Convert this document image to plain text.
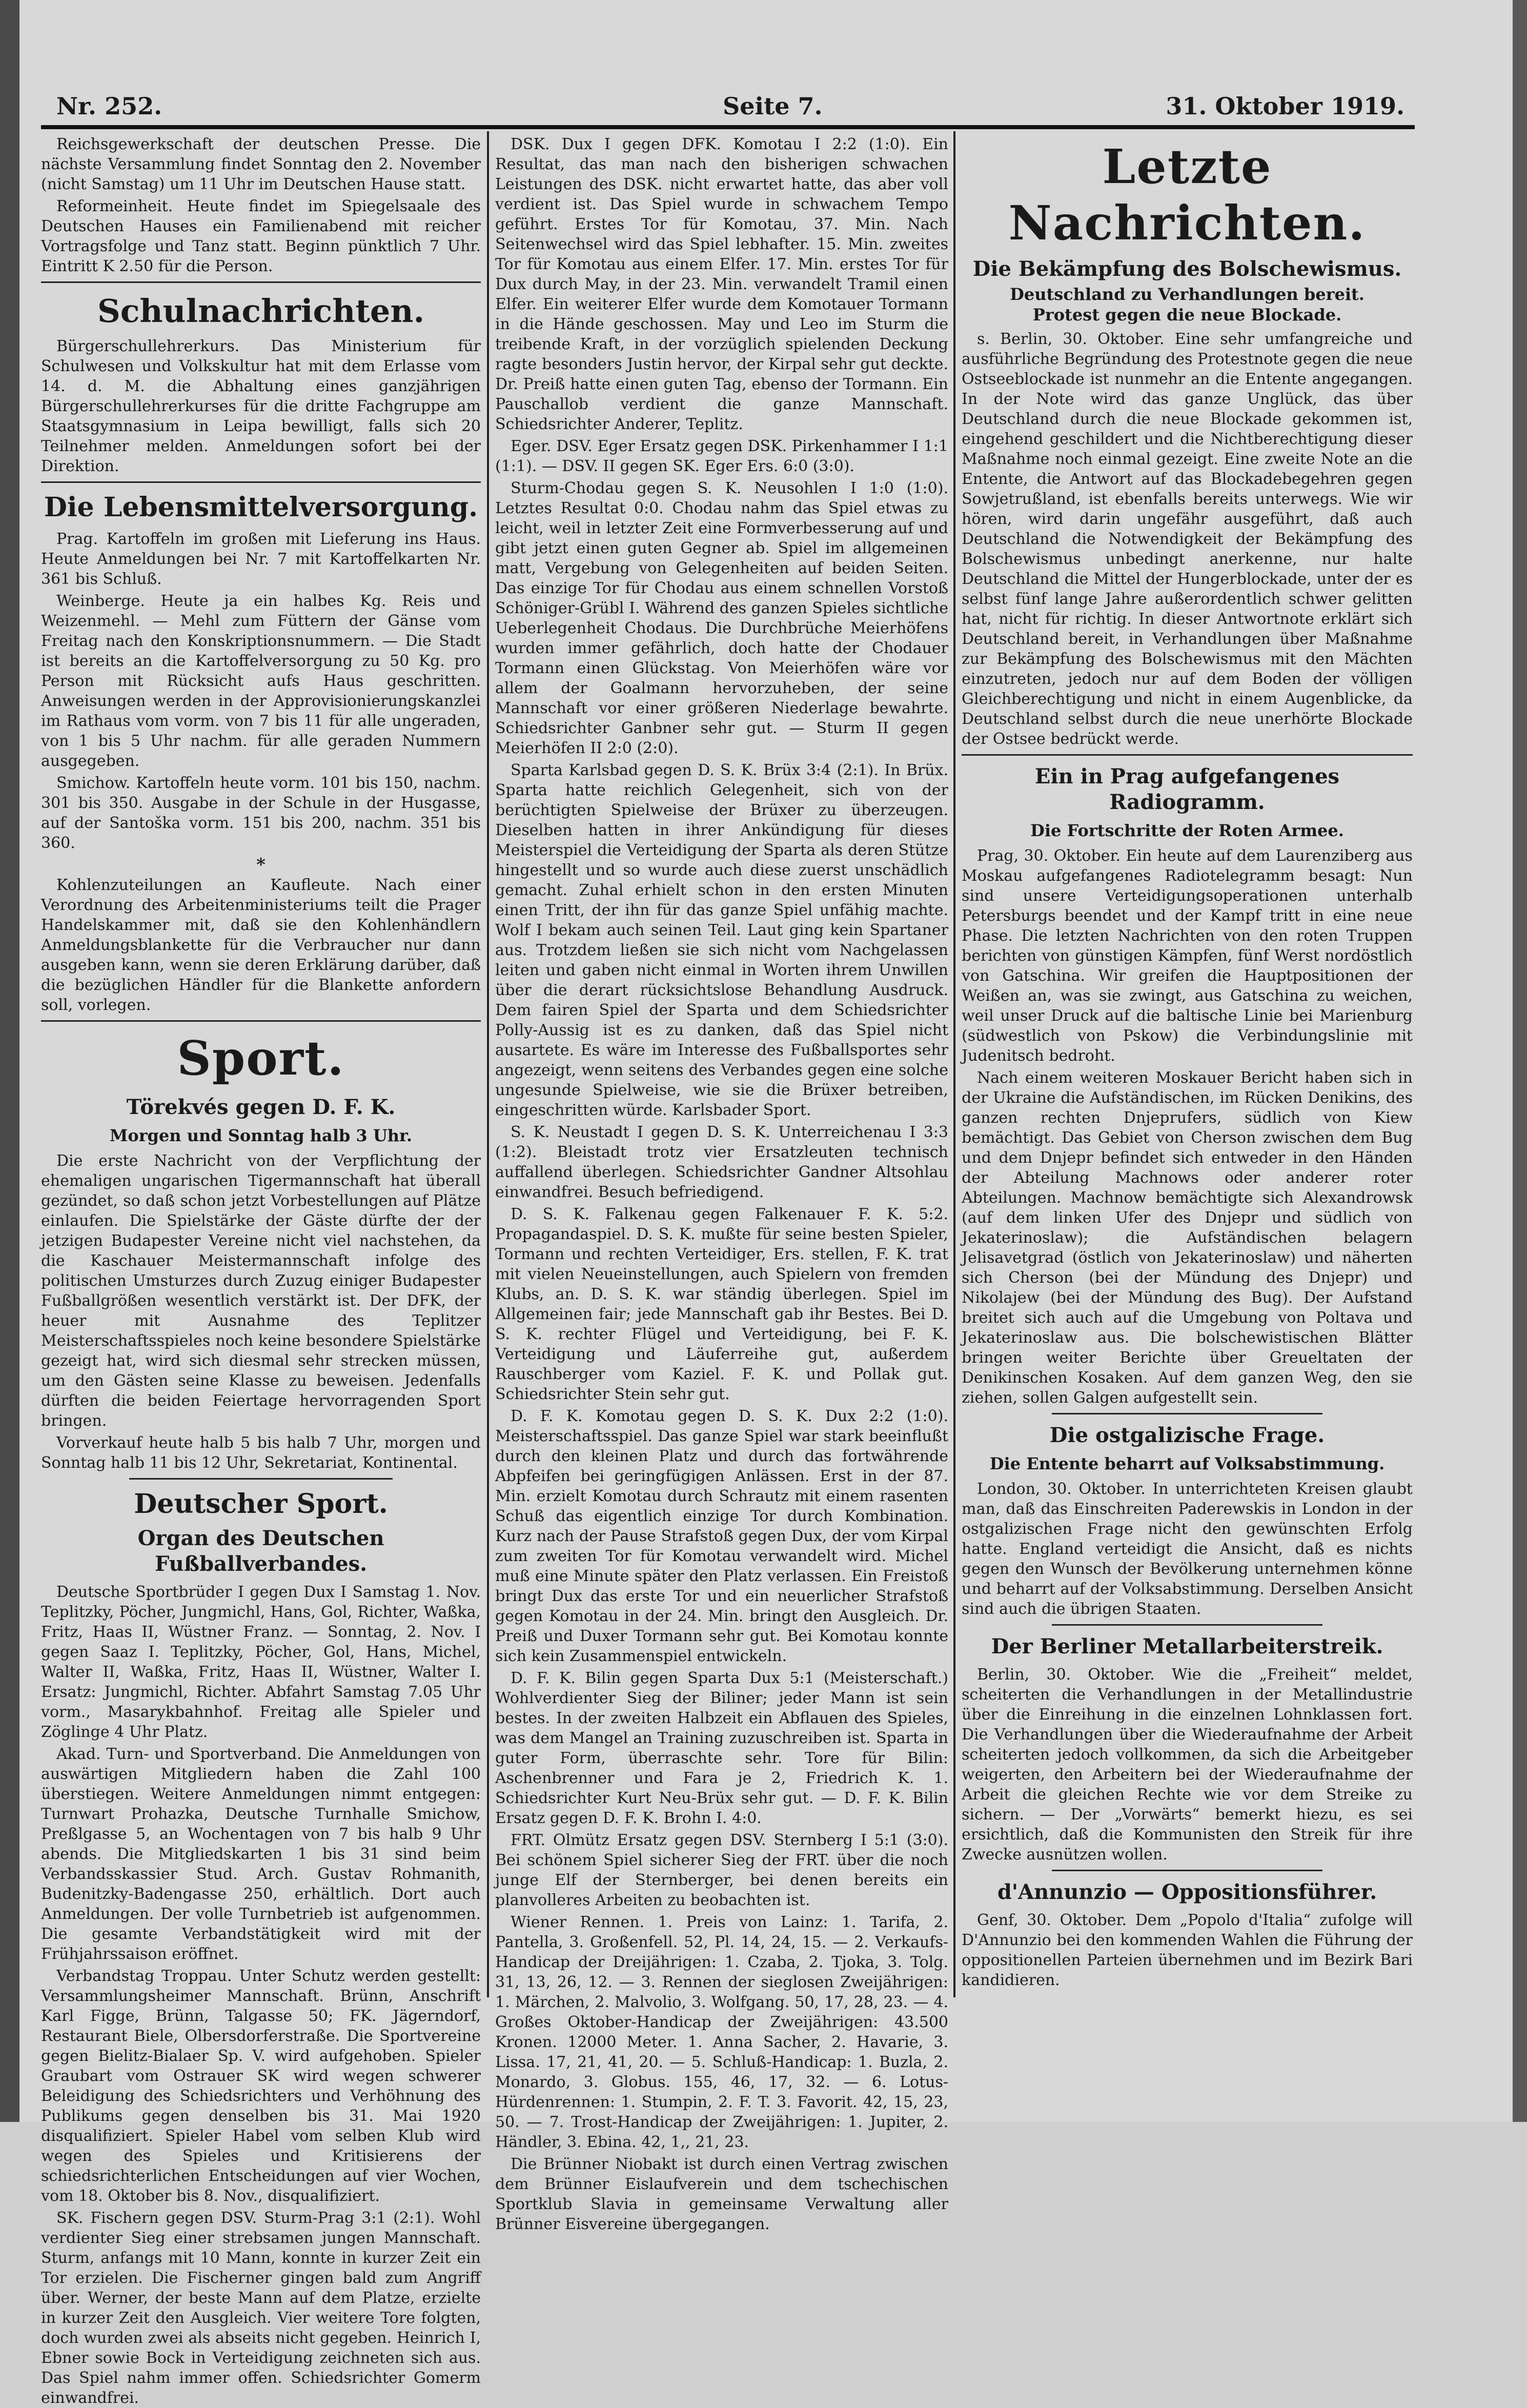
Nr. 252.	Seite 7.	31. Oktober 1919.

Reichsgewerkschaft der deutschen Presse. Die nächste Versammlung findet Sonntag den 2. November (nicht Samstag) um 11 Uhr im Deutschen Hause statt.

Reformeinheit. Heute findet im Spiegelsaale des Deutschen Hauses ein Familienabend mit reicher Vortragsfolge und Tanz statt. Beginn pünktlich 7 Uhr. Eintritt K 2.50 für die Person.

Schulnachrichten.

Bürgerschullehrerkurs. Das Ministerium für Schulwesen und Volkskultur hat mit dem Erlasse vom 14. d. M. die Abhaltung eines ganzjährigen Bürgerschullehrerkurses für die dritte Fachgruppe am Staatsgymnasium in Leipa bewilligt, falls sich 20 Teilnehmer melden. Anmeldungen sofort bei der Direktion.

Die Lebensmittelversorgung.

Prag. Kartoffeln im großen mit Lieferung ins Haus. Heute Anmeldungen bei Nr. 7 mit Kartoffelkarten Nr. 361 bis Schluß.

Weinberge. Heute ja ein halbes Kg. Reis und Weizenmehl. — Mehl zum Füttern der Gänse vom Freitag nach den Konskriptionsnummern. — Die Stadt ist bereits an die Kartoffelversorgung zu 50 Kg. pro Person mit Rücksicht aufs Haus geschritten. Anweisungen werden in der Approvisionierungskanzlei im Rathaus vom vorm. von 7 bis 11 für alle ungeraden, von 1 bis 5 Uhr nachm. für alle geraden Nummern ausgegeben.

Smichow. Kartoffeln heute vorm. 101 bis 150, nachm. 301 bis 350. Ausgabe in der Schule in der Husgasse, auf der Santoška vorm. 151 bis 200, nachm. 351 bis 360.

*

Kohlenzuteilungen an Kaufleute. Nach einer Verordnung des Arbeitenministeriums teilt die Prager Handelskammer mit, daß sie den Kohlenhändlern Anmeldungsblankette für die Verbraucher nur dann ausgeben kann, wenn sie deren Erklärung darüber, daß die bezüglichen Händler für die Blankette anfordern soll, vorlegen.

Sport.
Törekvés gegen D. F. K.
Morgen und Sonntag halb 3 Uhr.

Die erste Nachricht von der Verpflichtung der ehemaligen ungarischen Tigermannschaft hat überall gezündet, so daß schon jetzt Vorbestellungen auf Plätze einlaufen. Die Spielstärke der Gäste dürfte der der jetzigen Budapester Vereine nicht viel nachstehen, da die Kaschauer Meistermannschaft infolge des politischen Umsturzes durch Zuzug einiger Budapester Fußballgrößen wesentlich verstärkt ist. Der DFK, der heuer mit Ausnahme des Teplitzer Meisterschaftsspieles noch keine besondere Spielstärke gezeigt hat, wird sich diesmal sehr strecken müssen, um den Gästen seine Klasse zu beweisen. Jedenfalls dürften die beiden Feiertage hervorragenden Sport bringen.

Vorverkauf heute halb 5 bis halb 7 Uhr, morgen und Sonntag halb 11 bis 12 Uhr, Sekretariat, Kontinental.

Deutscher Sport.
Organ des Deutschen Fußballverbandes.

Deutsche Sportbrüder I gegen Dux I Samstag 1. Nov. Teplitzky, Pöcher, Jungmichl, Hans, Gol, Richter, Waßka, Fritz, Haas II, Wüstner Franz. — Sonntag, 2. Nov. I gegen Saaz I. Teplitzky, Pöcher, Gol, Hans, Michel, Walter II, Waßka, Fritz, Haas II, Wüstner, Walter I. Ersatz: Jungmichl, Richter. Abfahrt Samstag 7.05 Uhr vorm., Masarykbahnhof. Freitag alle Spieler und Zöglinge 4 Uhr Platz.

Akad. Turn- und Sportverband. Die Anmeldungen von auswärtigen Mitgliedern haben die Zahl 100 überstiegen. Weitere Anmeldungen nimmt entgegen: Turnwart Prohazka, Deutsche Turnhalle Smichow, Preßlgasse 5, an Wochentagen von 7 bis halb 9 Uhr abends. Die Mitgliedskarten 1 bis 31 sind beim Verbandsskassier Stud. Arch. Gustav Rohmanith, Budenitzky-Badengasse 250, erhältlich. Dort auch Anmeldungen. Der volle Turnbetrieb ist aufgenommen. Die gesamte Verbandstätigkeit wird mit der Frühjahrssaison eröffnet.

Verbandstag Troppau. Unter Schutz werden gestellt: Versammlungsheimer Mannschaft. Brünn, Anschrift Karl Figge, Brünn, Talgasse 50; FK. Jägerndorf, Restaurant Biele, Olbersdorferstraße. Die Sportvereine gegen Bielitz-Bialaer Sp. V. wird aufgehoben. Spieler Graubart vom Ostrauer SK wird wegen schwerer Beleidigung des Schiedsrichters und Verhöhnung des Publikums gegen denselben bis 31. Mai 1920 disqualifiziert. Spieler Habel vom selben Klub wird wegen des Spieles und Kritisierens der schiedsrichterlichen Entscheidungen auf vier Wochen, vom 18. Oktober bis 8. Nov., disqualifiziert.

SK. Fischern gegen DSV. Sturm-Prag 3:1 (2:1). Wohl verdienter Sieg einer strebsamen jungen Mannschaft. Sturm, anfangs mit 10 Mann, konnte in kurzer Zeit ein Tor erzielen. Die Fischerner gingen bald zum Angriff über. Werner, der beste Mann auf dem Platze, erzielte in kurzer Zeit den Ausgleich. Vier weitere Tore folgten, doch wurden zwei als abseits nicht gegeben. Heinrich I, Ebner sowie Bock in Verteidigung zeichneten sich aus. Das Spiel nahm immer offen. Schiedsrichter Gomerm einwandfrei.

DSK. Dux I gegen DFK. Komotau I 2:2 (1:0). Ein Resultat, das man nach den bisherigen schwachen Leistungen des DSK. nicht erwartet hatte, das aber voll verdient ist. Das Spiel wurde in schwachem Tempo geführt. Erstes Tor für Komotau, 37. Min. Nach Seitenwechsel wird das Spiel lebhafter. 15. Min. zweites Tor für Komotau aus einem Elfer. 17. Min. erstes Tor für Dux durch May, in der 23. Min. verwandelt Tramil einen Elfer. Ein weiterer Elfer wurde dem Komotauer Tormann in die Hände geschossen. May und Leo im Sturm die treibende Kraft, in der vorzüglich spielenden Deckung ragte besonders Justin hervor, der Kirpal sehr gut deckte. Dr. Preiß hatte einen guten Tag, ebenso der Tormann. Ein Pauschallob verdient die ganze Mannschaft. Schiedsrichter Anderer, Teplitz.

Eger. DSV. Eger Ersatz gegen DSK. Pirkenhammer I 1:1 (1:1). — DSV. II gegen SK. Eger Ers. 6:0 (3:0).

Sturm-Chodau gegen S. K. Neusohlen I 1:0 (1:0). Letztes Resultat 0:0. Chodau nahm das Spiel etwas zu leicht, weil in letzter Zeit eine Formverbesserung auf und gibt jetzt einen guten Gegner ab. Spiel im allgemeinen matt, Vergebung von Gelegenheiten auf beiden Seiten. Das einzige Tor für Chodau aus einem schnellen Vorstoß Schöniger-Grübl I. Während des ganzen Spieles sichtliche Ueberlegenheit Chodaus. Die Durchbrüche Meierhöfens wurden immer gefährlich, doch hatte der Chodauer Tormann einen Glückstag. Von Meierhöfen wäre vor allem der Goalmann hervorzuheben, der seine Mannschaft vor einer größeren Niederlage bewahrte. Schiedsrichter Ganbner sehr gut. — Sturm II gegen Meierhöfen II 2:0 (2:0).

Sparta Karlsbad gegen D. S. K. Brüx 3:4 (2:1). In Brüx. Sparta hatte reichlich Gelegenheit, sich von der berüchtigten Spielweise der Brüxer zu überzeugen. Dieselben hatten in ihrer Ankündigung für dieses Meisterspiel die Verteidigung der Sparta als deren Stütze hingestellt und so wurde auch diese zuerst unschädlich gemacht. Zuhal erhielt schon in den ersten Minuten einen Tritt, der ihn für das ganze Spiel unfähig machte. Wolf I bekam auch seinen Teil. Laut ging kein Spartaner aus. Trotzdem ließen sie sich nicht vom Nachgelassen leiten und gaben nicht einmal in Worten ihrem Unwillen über die derart rücksichtslose Behandlung Ausdruck. Dem fairen Spiel der Sparta und dem Schiedsrichter Polly-Aussig ist es zu danken, daß das Spiel nicht ausartete. Es wäre im Interesse des Fußballsportes sehr angezeigt, wenn seitens des Verbandes gegen eine solche ungesunde Spielweise, wie sie die Brüxer betreiben, eingeschritten würde. Karlsbader Sport.

S. K. Neustadt I gegen D. S. K. Unterreichenau I 3:3 (1:2). Bleistadt trotz vier Ersatzleuten technisch auffallend überlegen. Schiedsrichter Gandner Altsohlau einwandfrei. Besuch befriedigend.

D. S. K. Falkenau gegen Falkenauer F. K. 5:2. Propagandaspiel. D. S. K. mußte für seine besten Spieler, Tormann und rechten Verteidiger, Ers. stellen, F. K. trat mit vielen Neueinstellungen, auch Spielern von fremden Klubs, an. D. S. K. war ständig überlegen. Spiel im Allgemeinen fair; jede Mannschaft gab ihr Bestes. Bei D. S. K. rechter Flügel und Verteidigung, bei F. K. Verteidigung und Läuferreihe gut, außerdem Rauschberger vom Kaziel. F. K. und Pollak gut. Schiedsrichter Stein sehr gut.

D. F. K. Komotau gegen D. S. K. Dux 2:2 (1:0). Meisterschaftsspiel. Das ganze Spiel war stark beeinflußt durch den kleinen Platz und durch das fortwährende Abpfeifen bei geringfügigen Anlässen. Erst in der 87. Min. erzielt Komotau durch Schrautz mit einem rasenten Schuß das eigentlich einzige Tor durch Kombination. Kurz nach der Pause Strafstoß gegen Dux, der vom Kirpal zum zweiten Tor für Komotau verwandelt wird. Michel muß eine Minute später den Platz verlassen. Ein Freistoß bringt Dux das erste Tor und ein neuerlicher Strafstoß gegen Komotau in der 24. Min. bringt den Ausgleich. Dr. Preiß und Duxer Tormann sehr gut. Bei Komotau konnte sich kein Zusammenspiel entwickeln.

D. F. K. Bilin gegen Sparta Dux 5:1 (Meisterschaft.) Wohlverdienter Sieg der Biliner; jeder Mann ist sein bestes. In der zweiten Halbzeit ein Abflauen des Spieles, was dem Mangel an Training zuzuschreiben ist. Sparta in guter Form, überraschte sehr. Tore für Bilin: Aschenbrenner und Fara je 2, Friedrich K. 1. Schiedsrichter Kurt Neu-Brüx sehr gut. — D. F. K. Bilin Ersatz gegen D. F. K. Brohn I. 4:0.

FRT. Olmütz Ersatz gegen DSV. Sternberg I 5:1 (3:0). Bei schönem Spiel sicherer Sieg der FRT. über die noch junge Elf der Sternberger, bei denen bereits ein planvolleres Arbeiten zu beobachten ist.

Wiener Rennen. 1. Preis von Lainz: 1. Tarifa, 2. Pantella, 3. Großenfell. 52, Pl. 14, 24, 15. — 2. Verkaufs-Handicap der Dreijährigen: 1. Czaba, 2. Tjoka, 3. Tolg. 31, 13, 26, 12. — 3. Rennen der sieglosen Zweijährigen: 1. Märchen, 2. Malvolio, 3. Wolfgang. 50, 17, 28, 23. — 4. Großes Oktober-Handicap der Zweijährigen: 43.500 Kronen. 12000 Meter. 1. Anna Sacher, 2. Havarie, 3. Lissa. 17, 21, 41, 20. — 5. Schluß-Handicap: 1. Buzla, 2. Monardo, 3. Globus. 155, 46, 17, 32. — 6. Lotus-Hürdenrennen: 1. Stumpin, 2. F. T. 3. Favorit. 42, 15, 23, 50. — 7. Trost-Handicap der Zweijährigen: 1. Jupiter, 2. Händler, 3. Ebina. 42, 1,, 21, 23.

Die Brünner Niobakt ist durch einen Vertrag zwischen dem Brünner Eislaufverein und dem tschechischen Sportklub Slavia in gemeinsame Verwaltung aller Brünner Eisvereine übergegangen.

Letzte Nachrichten.
Die Bekämpfung des Bolschewismus.
Deutschland zu Verhandlungen bereit.
Protest gegen die neue Blockade.

s. Berlin, 30. Oktober. Eine sehr umfangreiche und ausführliche Begründung des Protestnote gegen die neue Ostseeblockade ist nunmehr an die Entente angegangen. In der Note wird das ganze Unglück, das über Deutschland durch die neue Blockade gekommen ist, eingehend geschildert und die Nichtberechtigung dieser Maßnahme noch einmal gezeigt. Eine zweite Note an die Entente, die Antwort auf das Blockadebegehren gegen Sowjetrußland, ist ebenfalls bereits unterwegs. Wie wir hören, wird darin ungefähr ausgeführt, daß auch Deutschland die Notwendigkeit der Bekämpfung des Bolschewismus unbedingt anerkenne, nur halte Deutschland die Mittel der Hungerblockade, unter der es selbst fünf lange Jahre außerordentlich schwer gelitten hat, nicht für richtig. In dieser Antwortnote erklärt sich Deutschland bereit, in Verhandlungen über Maßnahme zur Bekämpfung des Bolschewismus mit den Mächten einzutreten, jedoch nur auf dem Boden der völligen Gleichberechtigung und nicht in einem Augenblicke, da Deutschland selbst durch die neue unerhörte Blockade der Ostsee bedrückt werde.

Ein in Prag aufgefangenes Radiogramm.
Die Fortschritte der Roten Armee.

Prag, 30. Oktober. Ein heute auf dem Laurenziberg aus Moskau aufgefangenes Radiotelegramm besagt: Nun sind unsere Verteidigungsoperationen unterhalb Petersburgs beendet und der Kampf tritt in eine neue Phase. Die letzten Nachrichten von den roten Truppen berichten von günstigen Kämpfen, fünf Werst nordöstlich von Gatschina. Wir greifen die Hauptpositionen der Weißen an, was sie zwingt, aus Gatschina zu weichen, weil unser Druck auf die baltische Linie bei Marienburg (südwestlich von Pskow) die Verbindungslinie mit Judenitsch bedroht.

Nach einem weiteren Moskauer Bericht haben sich in der Ukraine die Aufständischen, im Rücken Denikins, des ganzen rechten Dnjeprufers, südlich von Kiew bemächtigt. Das Gebiet von Cherson zwischen dem Bug und dem Dnjepr befindet sich entweder in den Händen der Abteilung Machnows oder anderer roter Abteilungen. Machnow bemächtigte sich Alexandrowsk (auf dem linken Ufer des Dnjepr und südlich von Jekaterinoslaw); die Aufständischen belagern Jelisavetgrad (östlich von Jekaterinoslaw) und näherten sich Cherson (bei der Mündung des Dnjepr) und Nikolajew (bei der Mündung des Bug). Der Aufstand breitet sich auch auf die Umgebung von Poltava und Jekaterinoslaw aus. Die bolschewistischen Blätter bringen weiter Berichte über Greueltaten der Denikinschen Kosaken. Auf dem ganzen Weg, den sie ziehen, sollen Galgen aufgestellt sein.

Die ostgalizische Frage.
Die Entente beharrt auf Volksabstimmung.

London, 30. Oktober. In unterrichteten Kreisen glaubt man, daß das Einschreiten Paderewskis in London in der ostgalizischen Frage nicht den gewünschten Erfolg hatte. England verteidigt die Ansicht, daß es nichts gegen den Wunsch der Bevölkerung unternehmen könne und beharrt auf der Volksabstimmung. Derselben Ansicht sind auch die übrigen Staaten.

Der Berliner Metallarbeiterstreik.

Berlin, 30. Oktober. Wie die „Freiheit“ meldet, scheiterten die Verhandlungen in der Metallindustrie über die Einreihung in die einzelnen Lohnklassen fort. Die Verhandlungen über die Wiederaufnahme der Arbeit scheiterten jedoch vollkommen, da sich die Arbeitgeber weigerten, den Arbeitern bei der Wiederaufnahme der Arbeit die gleichen Rechte wie vor dem Streike zu sichern. — Der „Vorwärts“ bemerkt hiezu, es sei ersichtlich, daß die Kommunisten den Streik für ihre Zwecke ausnützen wollen.

d'Annunzio — Oppositionsführer.

Genf, 30. Oktober. Dem „Popolo d'Italia“ zufolge will D'Annunzio bei den kommenden Wahlen die Führung der oppositionellen Parteien übernehmen und im Bezirk Bari kandidieren.
